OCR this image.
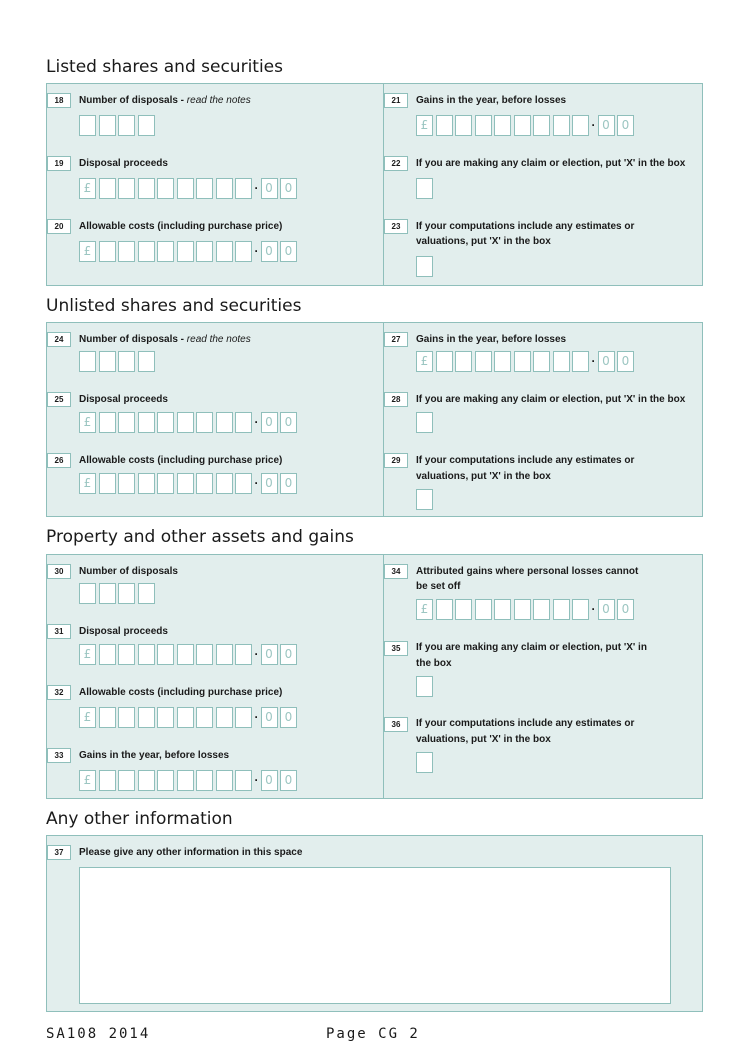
Listed shares and securities
18	Number of disposals - read the notes
19	Disposal proceeds
£	· 0 0
20	Allowable costs (including purchase price)
£	· 0 0
21	Gains in the year, before losses
£	· 0 0
22	If you are making any claim or election, put 'X' in the box
23	If your computations include any estimates or
valuations, put 'X' in the box
Unlisted shares and securities
24	Number of disposals - read the notes
25	Disposal proceeds
£	· 0 0
26	Allowable costs (including purchase price)
£	· 0 0
27	Gains in the year, before losses
£	· 0 0
28	If you are making any claim or election, put 'X' in the box
29	If your computations include any estimates or
valuations, put 'X' in the box
Property and other assets and gains
30	Number of disposals
31	Disposal proceeds
£	· 0 0
32	Allowable costs (including purchase price)
£	· 0 0
33	Gains in the year, before losses
£	· 0 0
34	Attributed gains where personal losses cannot
be set off
£	· 0 0
35	If you are making any claim or election, put 'X' in
the box
36	If your computations include any estimates or
valuations, put 'X' in the box
Any other information
37	Please give any other information in this space
SA108 2014	Page CG 2
